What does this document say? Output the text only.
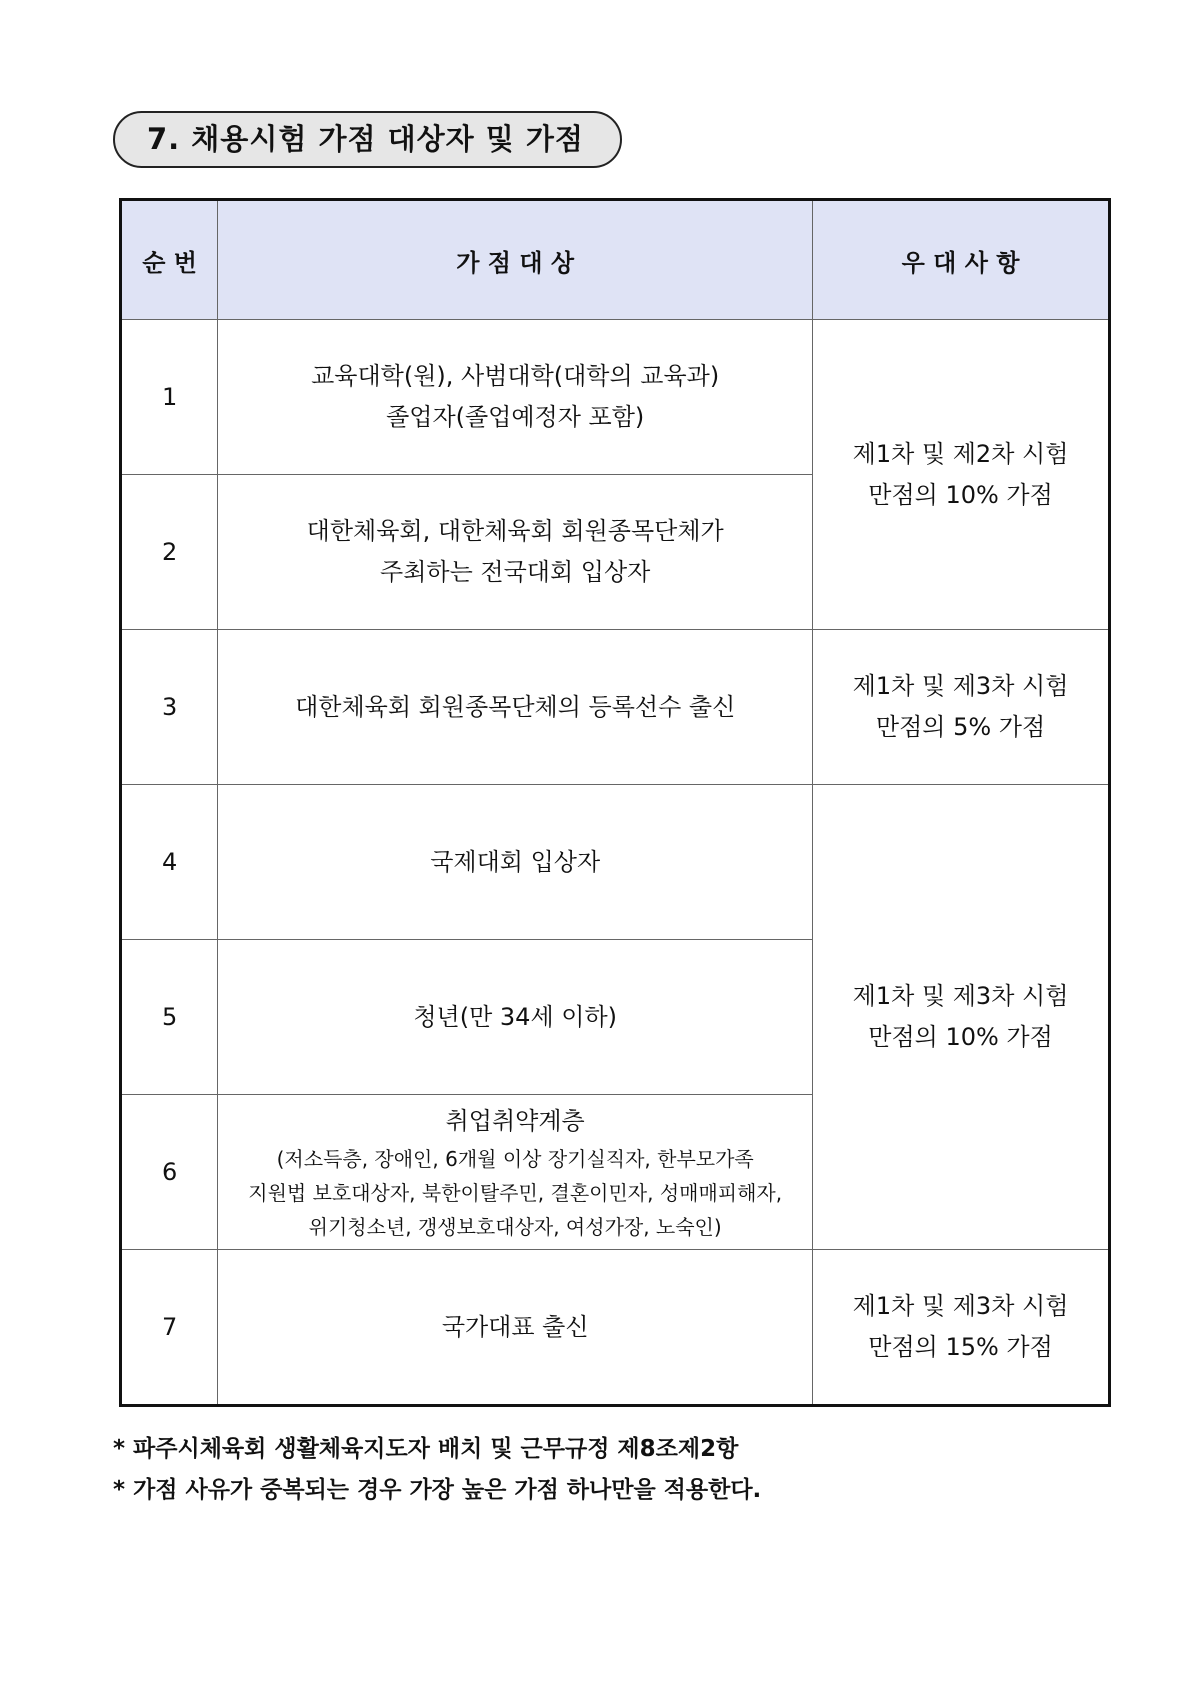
7. 채용시험 가점 대상자 및 가점
순 번	가 점 대 상	우 대 사 항
1	교육대학(원), 사범대학(대학의 교육과)
졸업자(졸업예정자 포함)	제1차 및 제2차 시험
만점의 10% 가점

2	대한체육회, 대한체육회 회원종목단체가
주최하는 전국대회 입상자	

3	대한체육회 회원종목단체의 등록선수 출신	제1차 및 제3차 시험
만점의 5% 가점

4	국제대회 입상자	제1차 및 제3차 시험
만점의 10% 가점

5	청년(만 34세 이하)	

6	취업취약계층
(저소득층, 장애인, 6개월 이상 장기실직자, 한부모가족
지원법 보호대상자, 북한이탈주민, 결혼이민자, 성매매피해자,
위기청소년, 갱생보호대상자, 여성가장, 노숙인)	

7	국가대표 출신	제1차 및 제3차 시험
만점의 15% 가점
* 파주시체육회 생활체육지도자 배치 및 근무규정 제8조제2항
* 가점 사유가 중복되는 경우 가장 높은 가점 하나만을 적용한다.
